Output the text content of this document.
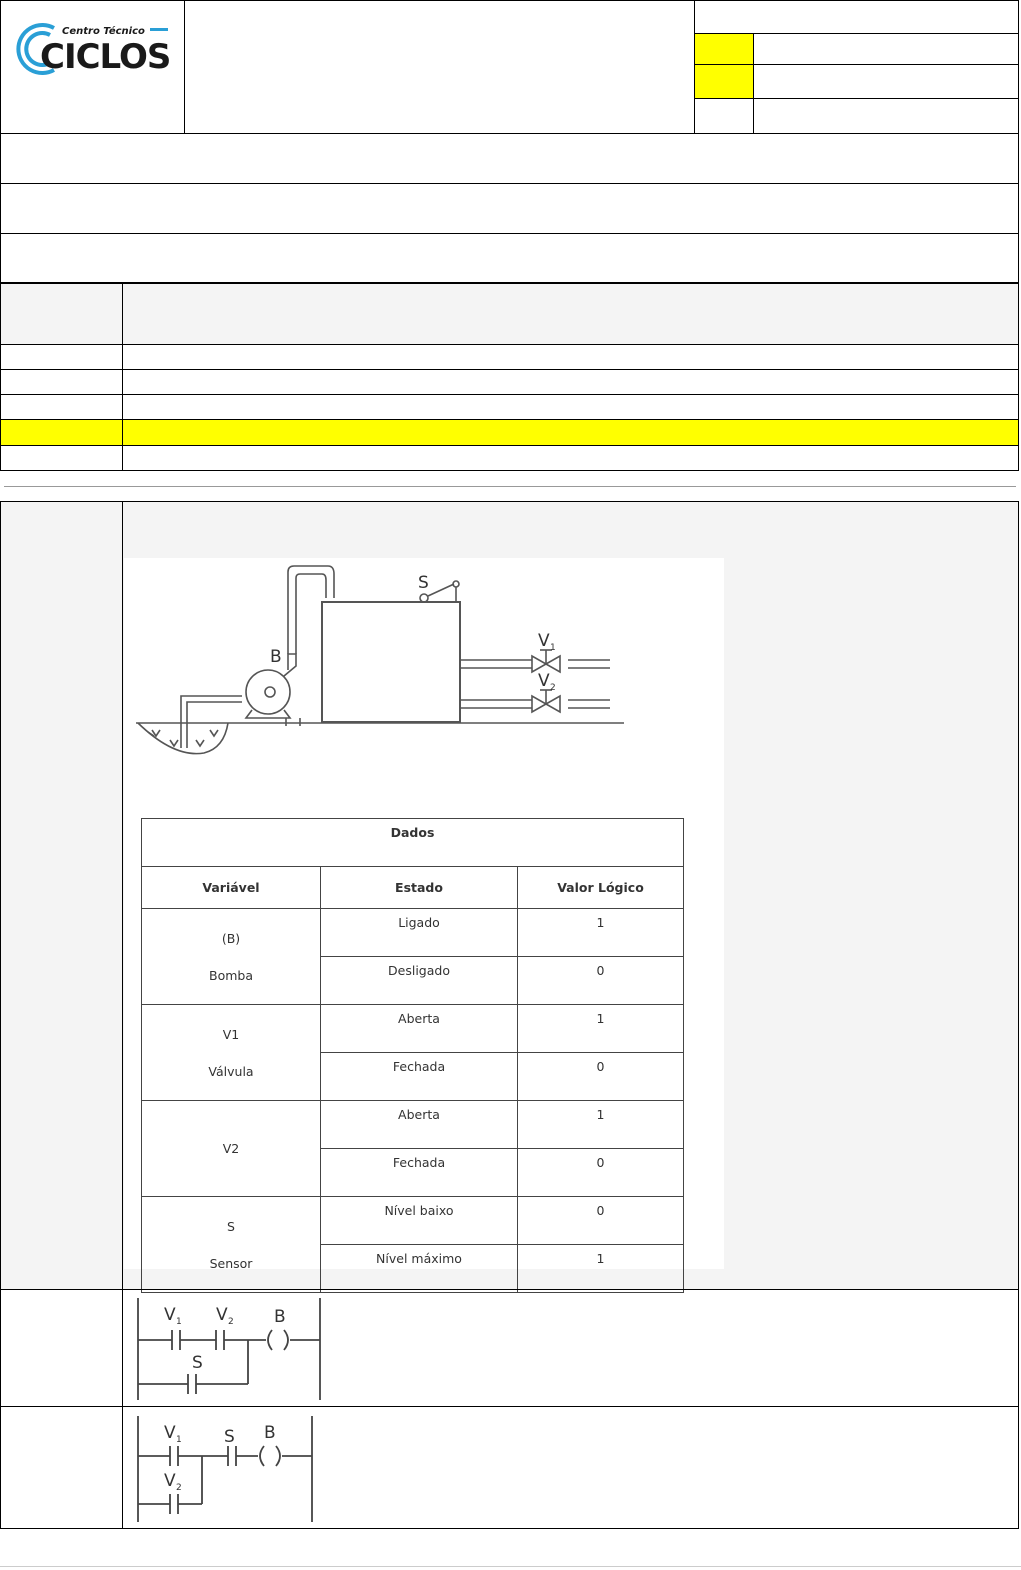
Centro Técnico
CICLOS
S
B
V 1
V 2
Dados		
Variável	Estado	Valor Lógico

(B)
Bomba	Ligado	1
	Desligado	0

V1
Válvula	Aberta	1
	Fechada	0

V2	Aberta	1
	Fechada	0

S
Sensor	Nível baixo	0
	Nível máximo	1
V 1 V 2 B
S
V 1 S B
V 2
